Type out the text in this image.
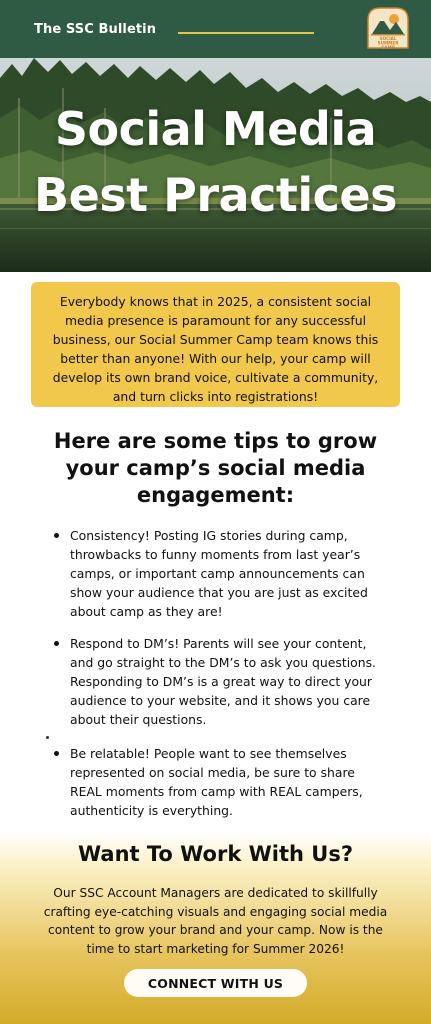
The SSC Bulletin
Social Media
Best Practices
SOCIAL
SUMMER
CAMP
Everybody knows that in 2025, a consistent social media presence is paramount for any successful business, our Social Summer Camp team knows this better than anyone! With our help, your camp will develop its own brand voice, cultivate a community, and turn clicks into registrations!
Here are some tips to grow your camp’s social media engagement:
Consistency! Posting IG stories during camp, throwbacks to funny moments from last year’s camps, or important camp announcements can show your audience that you are just as excited about camp as they are!
Respond to DM’s! Parents will see your content, and go straight to the DM’s to ask you questions. Responding to DM’s is a great way to direct your audience to your website, and it shows you care about their questions.
Be relatable! People want to see themselves represented on social media, be sure to share REAL moments from camp with REAL campers, authenticity is everything.
Want To Work With Us?
Our SSC Account Managers are dedicated to skillfully crafting eye-catching visuals and engaging social media content to grow your brand and your camp. Now is the time to start marketing for Summer 2026!
CONNECT WITH US
